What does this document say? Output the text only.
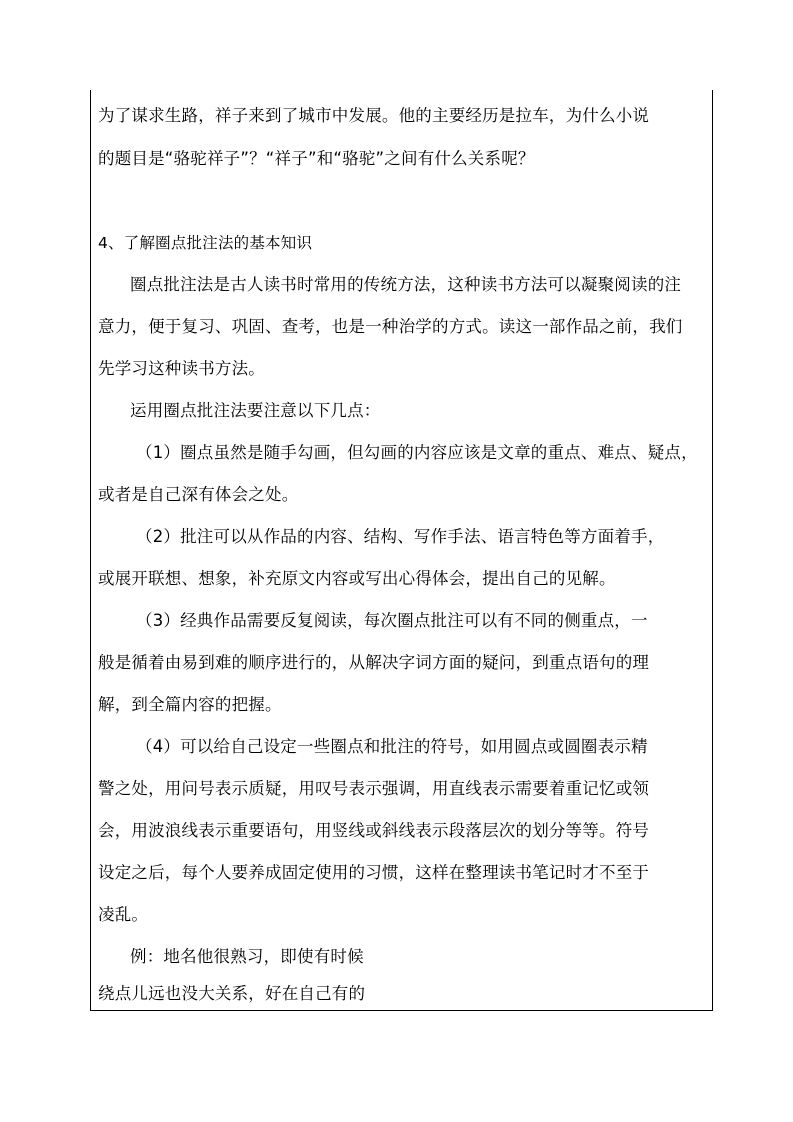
为了谋求生路，祥子来到了城市中发展。他的主要经历是拉车，为什么小说
的题目是“骆驼祥子”？“祥子”和“骆驼”之间有什么关系呢？
4、了解圈点批注法的基本知识
圈点批注法是古人读书时常用的传统方法，这种读书方法可以凝聚阅读的注
意力，便于复习、巩固、查考，也是一种治学的方式。读这一部作品之前，我们
先学习这种读书方法。
运用圈点批注法要注意以下几点：
（1）圈点虽然是随手勾画，但勾画的内容应该是文章的重点、难点、疑点，
或者是自己深有体会之处。
（2）批注可以从作品的内容、结构、写作手法、语言特色等方面着手，
或展开联想、想象，补充原文内容或写出心得体会，提出自己的见解。
（3）经典作品需要反复阅读，每次圈点批注可以有不同的侧重点，一
般是循着由易到难的顺序进行的，从解决字词方面的疑问，到重点语句的理
解，到全篇内容的把握。
（4）可以给自己设定一些圈点和批注的符号，如用圆点或圆圈表示精
警之处，用问号表示质疑，用叹号表示强调，用直线表示需要着重记忆或领
会，用波浪线表示重要语句，用竖线或斜线表示段落层次的划分等等。符号
设定之后，每个人要养成固定使用的习惯，这样在整理读书笔记时才不至于
凌乱。
例：地名他很熟习，即使有时候
绕点儿远也没大关系，好在自己有的
